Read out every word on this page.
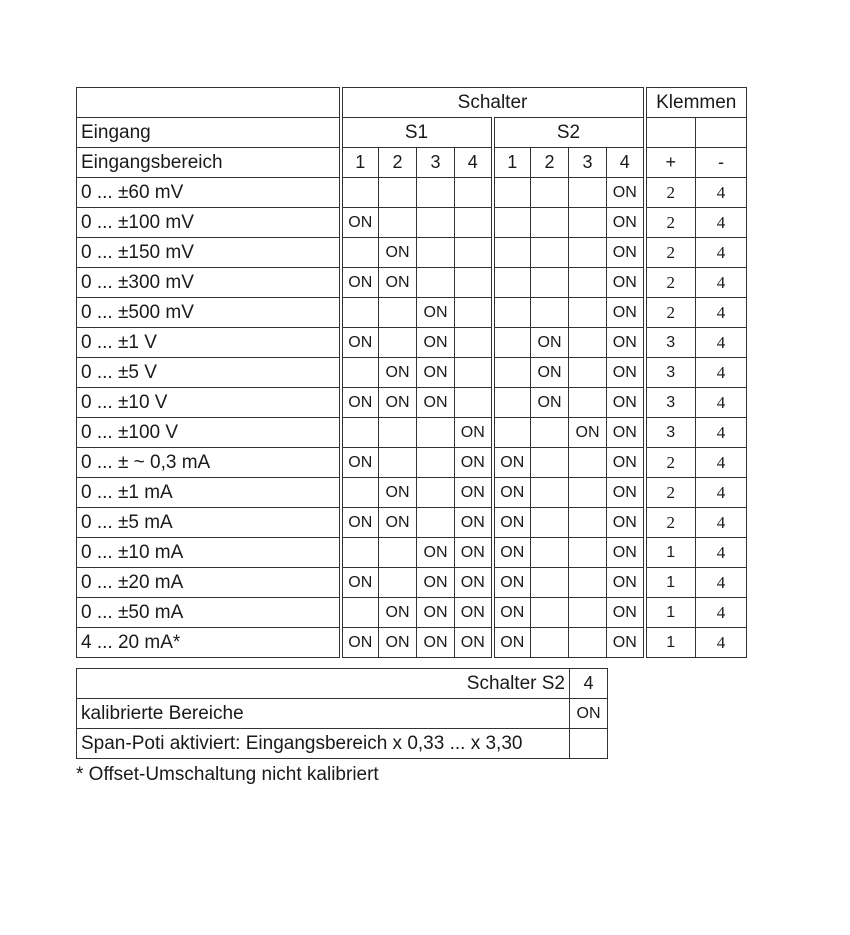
	Schalter								Klemmen	
Eingang	S1				S2					
Eingangsbereich	1	2	3	4	1	2	3	4	+	-
0 ... ±60 mV								ON	2	4
0 ... ±100 mV	ON							ON	2	4
0 ... ±150 mV		ON						ON	2	4
0 ... ±300 mV	ON	ON						ON	2	4
0 ... ±500 mV			ON					ON	2	4
0 ... ±1 V	ON		ON			ON		ON	3	4
0 ... ±5 V		ON	ON			ON		ON	3	4
0 ... ±10 V	ON	ON	ON			ON		ON	3	4
0 ... ±100 V				ON			ON	ON	3	4
0 ... ± ~ 0,3 mA	ON			ON	ON			ON	2	4
0 ... ±1 mA		ON		ON	ON			ON	2	4
0 ... ±5 mA	ON	ON		ON	ON			ON	2	4
0 ... ±10 mA			ON	ON	ON			ON	1	4
0 ... ±20 mA	ON		ON	ON	ON			ON	1	4
0 ... ±50 mA		ON	ON	ON	ON			ON	1	4
4 ... 20 mA*	ON	ON	ON	ON	ON			ON	1	4
Schalter S2	4
kalibrierte Bereiche	ON
Span-Poti aktiviert: Eingangsbereich x 0,33 ... x 3,30	

* Offset-Umschaltung nicht kalibriert
